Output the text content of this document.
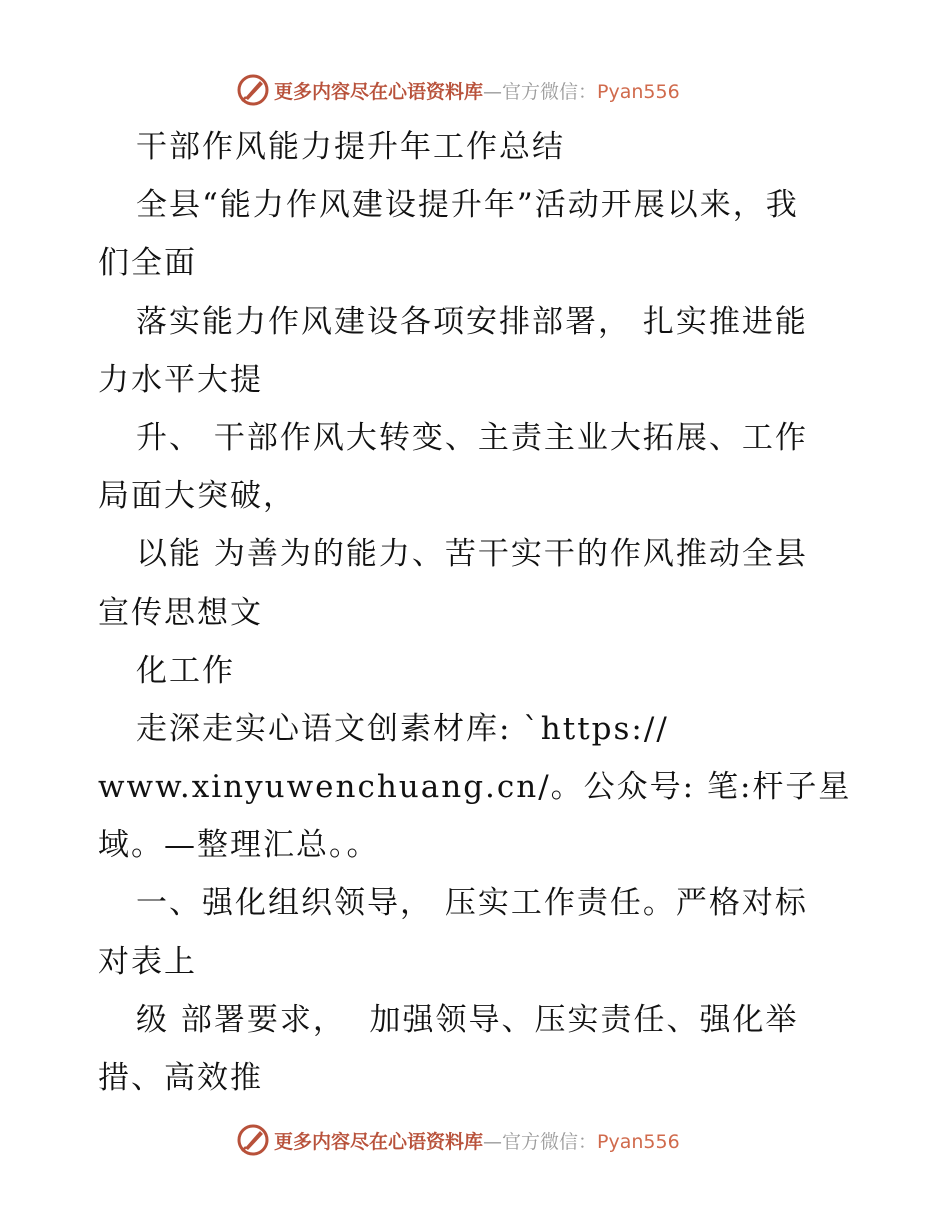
更多内容尽在心语资料库—官方微信：Pyan556
干部作风能力提升年工作总结
全县“能力作风建设提升年”活动开展以来，我
们全面
落实能力作风建设各项安排部署， 扎实推进能
力水平大提
升、 干部作风大转变、主责主业大拓展、工作
局面大突破，
以能 为善为的能力、苦干实干的作风推动全县
宣传思想文
化工作
走深走实心语文创素材库: `https://
www.xinyuwenchuang.cn/。公众号: 笔:杆子星
域。—整理汇总。。
一、强化组织领导， 压实工作责任。严格对标
对表上
级 部署要求，  加强领导、压实责任、强化举
措、高效推
更多内容尽在心语资料库—官方微信：Pyan556
